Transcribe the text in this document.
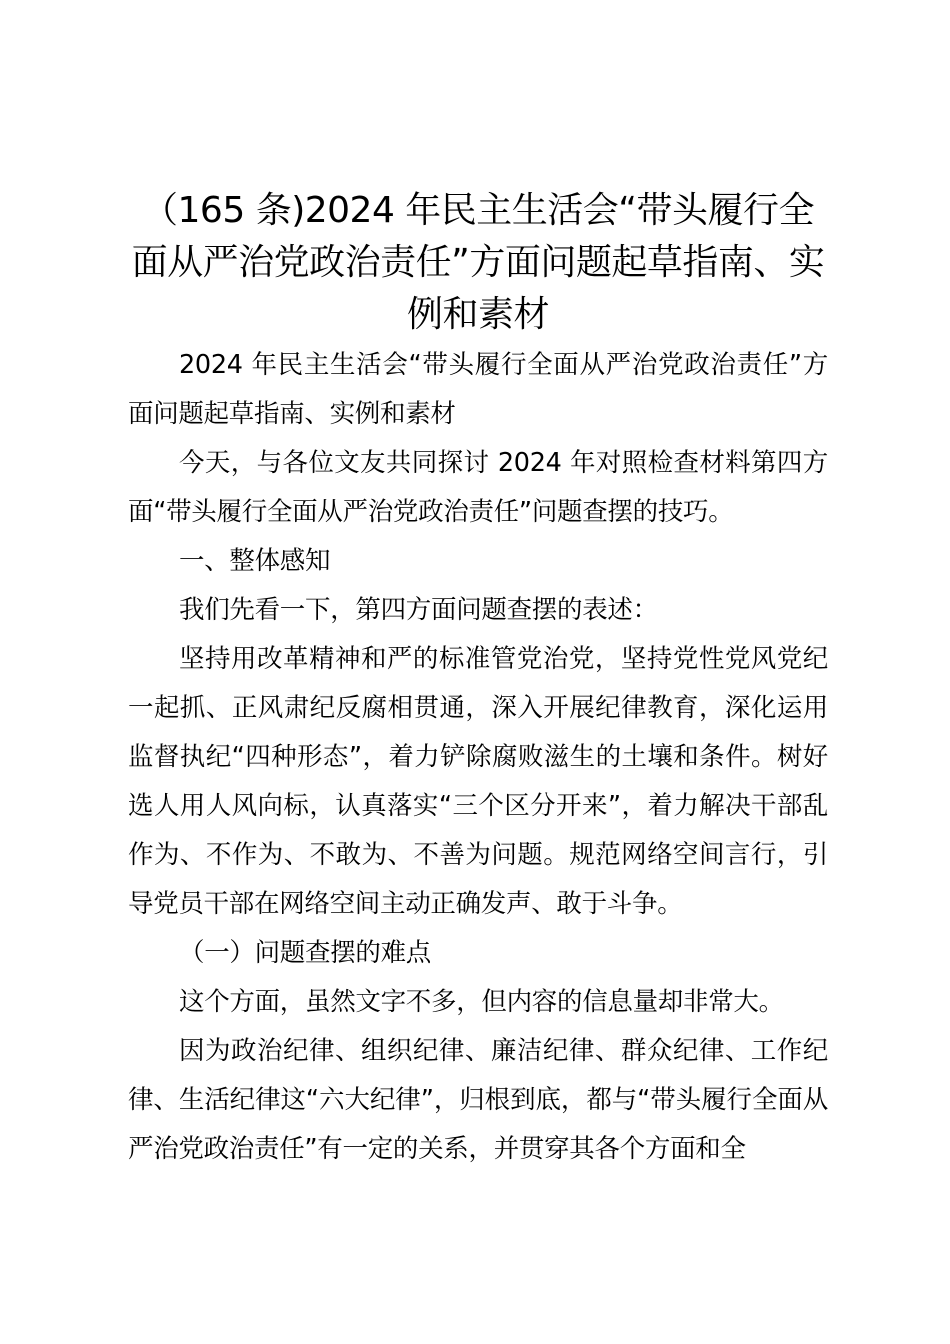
（165 条)2024 年民主生活会“带头履行全面从严治党政治责任”方面问题起草指南、实例和素材

2024 年民主生活会“带头履行全面从严治党政治责任”方面问题起草指南、实例和素材

今天，与各位文友共同探讨 2024 年对照检查材料第四方面“带头履行全面从严治党政治责任”问题查摆的技巧。

一、整体感知

我们先看一下，第四方面问题查摆的表述：

坚持用改革精神和严的标准管党治党，坚持党性党风党纪一起抓、正风肃纪反腐相贯通，深入开展纪律教育，深化运用监督执纪“四种形态”，着力铲除腐败滋生的土壤和条件。树好选人用人风向标，认真落实“三个区分开来”，着力解决干部乱作为、不作为、不敢为、不善为问题。规范网络空间言行，引导党员干部在网络空间主动正确发声、敢于斗争。

（一）问题查摆的难点

这个方面，虽然文字不多，但内容的信息量却非常大。

因为政治纪律、组织纪律、廉洁纪律、群众纪律、工作纪律、生活纪律这“六大纪律”，归根到底，都与“带头履行全面从严治党政治责任”有一定的关系，并贯穿其各个方面和全
